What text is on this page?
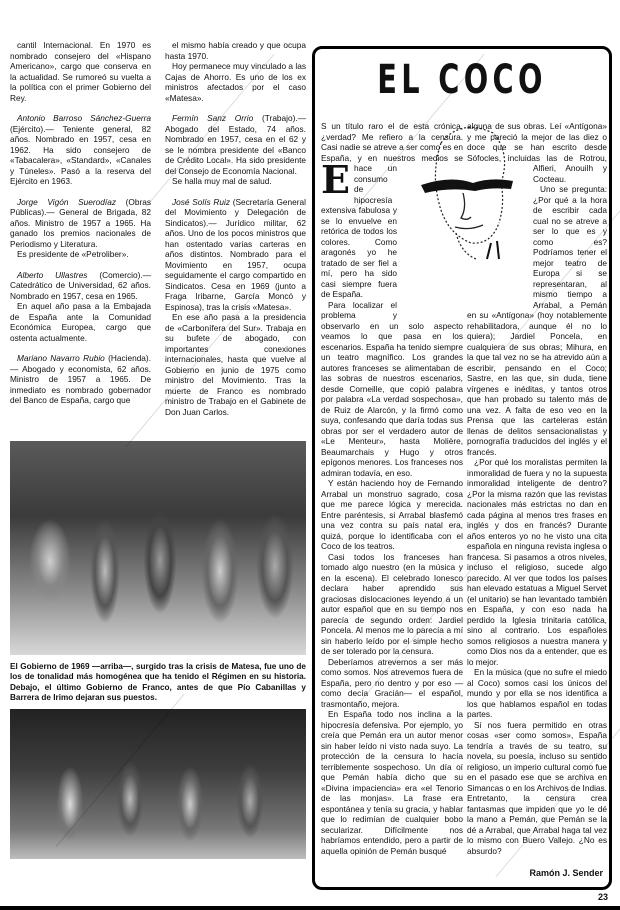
cantil Internacional. En 1970 es nombrado consejero del «Hispano Americano», cargo que conserva en la actualidad. Se rumoreó su vuelta a la política con el primer Gobierno del Rey.

Antonio Barroso Sánchez-Guerra (Ejército).— Teniente general, 82 años. Nombrado en 1957, cesa en 1962. Ha sido consejero de «Tabacalera», «Standard», «Canales y Túneles». Pasó a la reserva del Ejército en 1963.

Jorge Vigón Suerodíaz (Obras Públicas).— General de Brigada, 82 años. Ministro de 1957 a 1965. Ha ganado los premios nacionales de Periodismo y Literatura.

Es presidente de «Petroliber».

Alberto Ullastres (Comercio).— Catedrático de Universidad, 62 años. Nombrado en 1957, cesa en 1965.

En aquel año pasa a la Embajada de España ante la Comunidad Económica Europea, cargo que ostenta actualmente.

Mariano Navarro Rubio (Hacienda).— Abogado y economista, 62 años. Ministro de 1957 a 1965. De inmediato es nombrado gobernador del Banco de España, cargo que

el mismo había creado y que ocupa hasta 1970.

Hoy permanece muy vinculado a las Cajas de Ahorro. Es uno de los ex ministros afectados por el caso «Matesa».

Fermín Sanz Orrio (Trabajo).— Abogado del Estado, 74 años. Nombrado en 1957, cesa en el 62 y se le nombra presidente del «Banco de Crédito Local». Ha sido presidente del Consejo de Economía Nacional.

Se halla muy mal de salud.

José Solís Ruiz (Secretaría General del Movimiento y Delegación de Sindicatos).— Jurídico militar, 62 años. Uno de los pocos ministros que han ostentado varias carteras en años distintos. Nombrado para el Movimiento en 1957, ocupa seguidamente el cargo compartido en Sindicatos. Cesa en 1969 (junto a Fraga Iribarne, García Moncó y Espinosa), tras la crisis «Matesa».

En ese año pasa a la presidencia de «Carbonífera del Sur». Trabaja en su bufete de abogado, con importantes conexiones internacionales, hasta que vuelve al Gobierno en junio de 1975 como ministro del Movimiento. Tras la muerte de Franco es nombrado ministro de Trabajo en el Gabinete de Don Juan Carlos.

El Gobierno de 1969 —arriba—, surgido tras la crisis de Matesa, fue uno de los de tonalidad más homogénea que ha tenido el Régimen en su historia. Debajo, el último Gobierno de Franco, antes de que Pío Cabanillas y Barrera de Irimo dejaran sus puestos.
EL COCO

E
S un título raro el de esta crónica, ¿verdad? Me refiero a la censura. Casi nadie se atreve a ser como es en España, y en nuestros medios se hace un consumo de hipocresía extensiva fabulosa y se lo envuelve en retórica de todos los colores. Como aragonés yo he tratado de ser fiel a mí, pero ha sido casi siempre fuera de España.

Para localizar el problema y observarlo en un solo aspecto veamos lo que pasa en los escenarios. España ha tenido siempre un teatro magnífico. Los grandes autores franceses se alimentaban de las sobras de nuestros escenarios, desde Corneille, que copió palabra por palabra «La verdad sospechosa», de Ruiz de Alarcón, y la firmó como suya, confesando que daría todas sus obras por ser el verdadero autor de «Le Menteur», hasta Molière, Beaumarchais y Hugo y otros epígonos menores. Los franceses nos admiran todavía, en eso.

Y están haciendo hoy de Fernando Arrabal un monstruo sagrado, cosa que me parece lógica y merecida. Entre paréntesis, si Arrabal blasfemó una vez contra su país natal era, quizá, porque lo identificaba con el Coco de los teatros.

Casi todos los franceses han tomado algo nuestro (en la música y en la escena). El celebrado Ionesco declara haber aprendido sus graciosas dislocaciones leyendo a un autor español que en su tiempo nos parecía de segundo orden: Jardiel Poncela. Al menos me lo parecía a mí sin haberlo leído por el simple hecho de ser tolerado por la censura.

Deberíamos atrevernos a ser más como somos. Nos atrevemos fuera de España, pero no dentro y por eso —como decía Gracián— el español, trasmontaño, mejora.

En España todo nos inclina a la hipocresía defensiva. Por ejemplo, yo creía que Pemán era un autor menor sin haber leído ni visto nada suyo. La protección de la censura lo hacía terriblemente sospechoso. Un día oí que Pemán había dicho que su «Divina impaciencia» era «el Tenorio de las monjas». La frase era espontánea y tenía su gracia, y hablar que lo redimían de cualquier bobo secularizar. Difícilmente nos habríamos entendido, pero a partir de aquella opinión de Pemán busqué

alguna de sus obras. Leí «Antígona» y me pareció la mejor de las diez o doce que se han escrito desde Sófocles, incluidas las de Rotrou, Alfieri, Anouilh y Cocteau.

Uno se pregunta: ¿Por qué a la hora de escribir cada cual no se atreve a ser lo que es y como es? Podríamos tener el mejor teatro de Europa si se representaran, al mismo tiempo a Arrabal, a Pemán en su «Antígona» (hoy notablemente rehabilitadora, aunque él no lo quiera); Jardiel Poncela, en cualquiera de sus obras; Mihura, en la que tal vez no se ha atrevido aún a escribir, pensando en el Coco; Sastre, en las que, sin duda, tiene vírgenes e inéditas, y tantos otros que han probado su talento más de una vez. A falta de eso veo en la Prensa que las carteleras están llenas de delitos sensacionalistas y pornografía traducidos del inglés y el francés.

¿Por qué los moralistas permiten la inmoralidad de fuera y no la supuesta inmoralidad inteligente de dentro? ¿Por la misma razón que las revistas nacionales más estrictas no dan en cada página al menos tres frases en inglés y dos en francés? Durante años enteros yo no he visto una cita española en ninguna revista inglesa o francesa. Si pasamos a otros niveles, incluso el religioso, sucede algo parecido. Al ver que todos los países han elevado estatuas a Miguel Servet (el unitario) se han levantado también en España, y con eso nada ha perdido la Iglesia trinitaria católica, sino al contrario. Los españoles somos religiosos a nuestra manera y como Dios nos da a entender, que es lo mejor.

En la música (que no sufre el miedo al Coco) somos casi los únicos del mundo y por ella se nos identifica a los que hablamos español en todas partes.

Si nos fuera permitido en otras cosas «ser como somos», España tendría a través de su teatro, su novela, su poesía, incluso su sentido religioso, un imperio cultural como fue en el pasado ese que se archiva en Simancas o en los Archivos de Indias. Entretanto, la censura crea fantasmas que impiden que yo le dé la mano a Pemán, que Pemán se la dé a Arrabal, que Arrabal haga tal vez lo mismo con Buero Vallejo. ¿No es absurdo?

Ramón J. Sender

23
